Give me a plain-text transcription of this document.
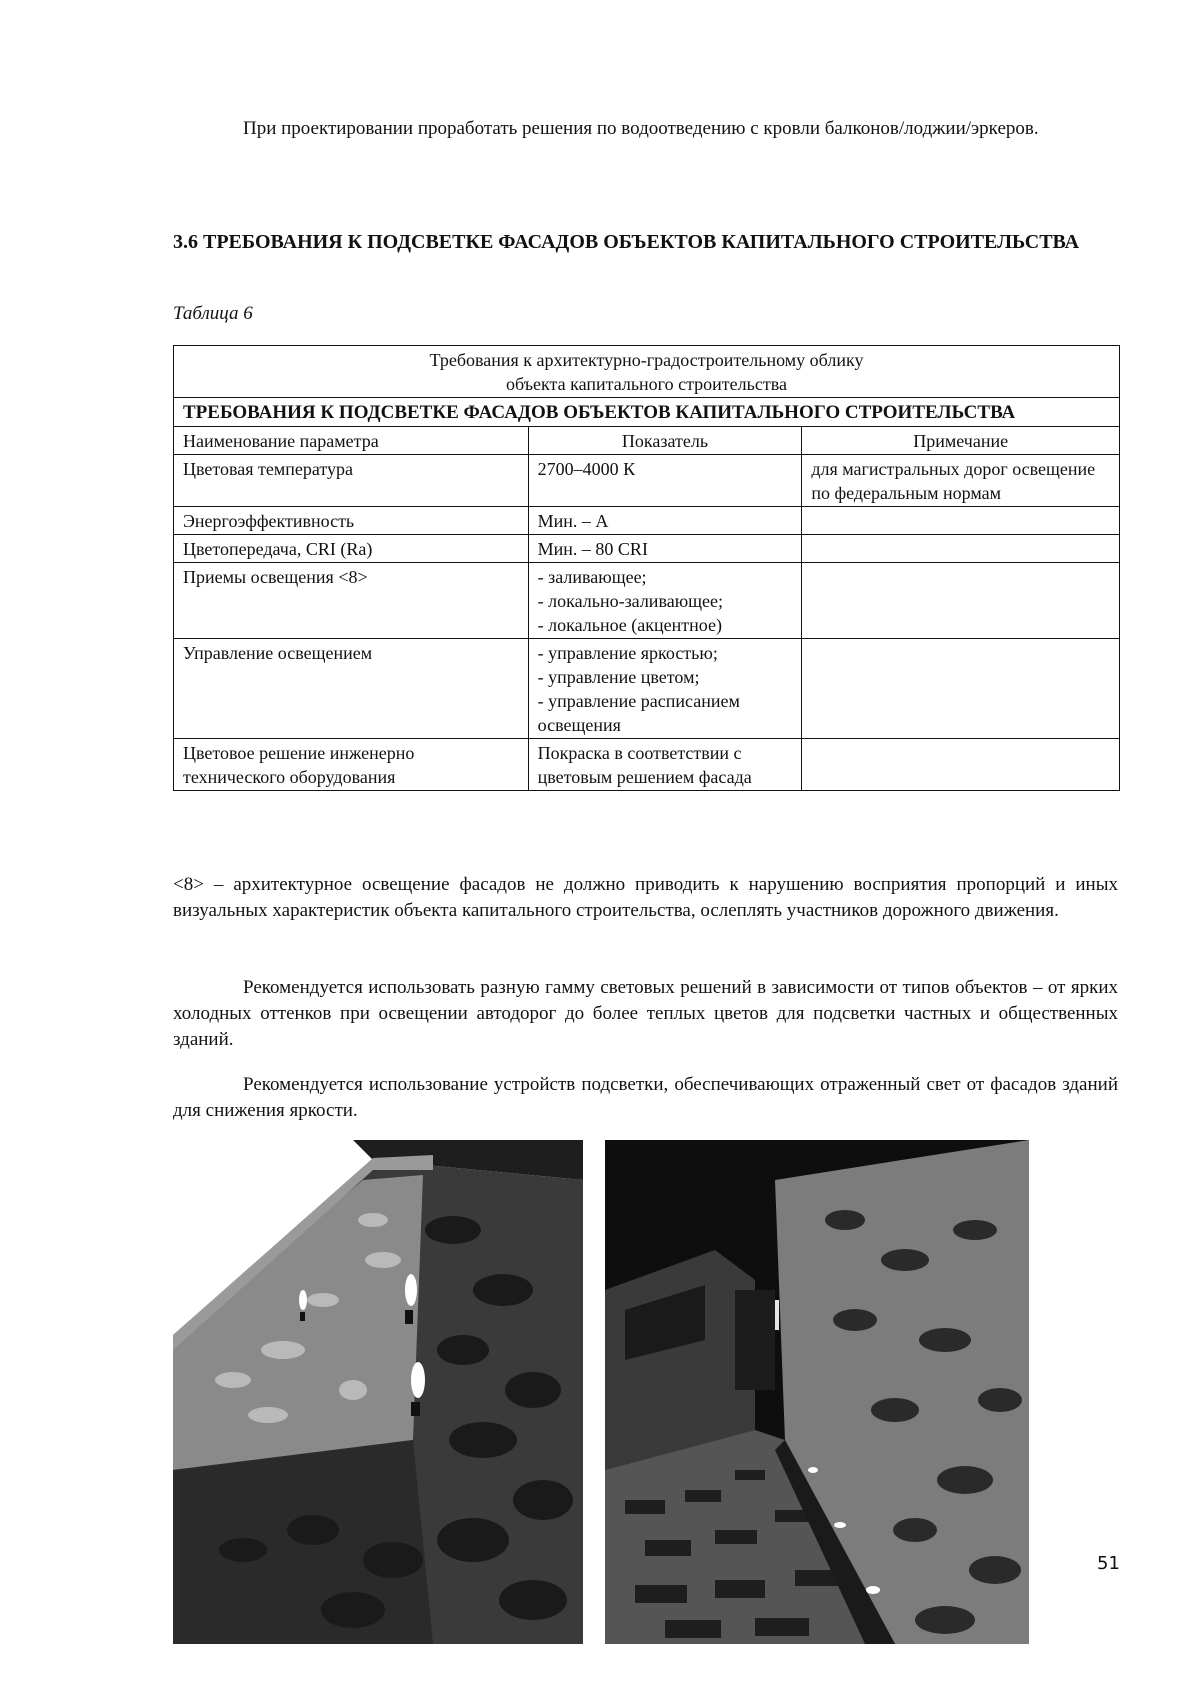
При проектировании проработать решения по водоотведению с кровли балконов/лоджии/эркеров.

3.6 ТРЕБОВАНИЯ К ПОДСВЕТКЕ ФАСАДОВ ОБЪЕКТОВ КАПИТАЛЬНОГО СТРОИТЕЛЬСТВА

Таблица 6

Требования к архитектурно-градостроительному облику
объекта капитального строительства		

ТРЕБОВАНИЯ К ПОДСВЕТКЕ ФАСАДОВ ОБЪЕКТОВ КАПИТАЛЬНОГО СТРОИТЕЛЬСТВА		
Наименование параметра	Показатель	Примечание
Цветовая температура	2700–4000 К	для магистральных дорог освещение по федеральным нормам
Энергоэффективность	Мин. – А	
Цветопередача, CRI (Ra)	Мин. – 80 CRI	
Приемы освещения <8>	- заливающее;
- локально-заливающее;
- локальное (акцентное)	
Управление освещением	- управление яркостью;
- управление цветом;
- управление расписанием освещения	
Цветовое решение инженерно технического оборудования	Покраска в соответствии с цветовым решением фасада	

<8> – архитектурное освещение фасадов не должно приводить к нарушению восприятия пропорций и иных визуальных характеристик объекта капитального строительства, ослеплять участников дорожного движения.

Рекомендуется использовать разную гамму световых решений в зависимости от типов объектов – от ярких холодных оттенков при освещении автодорог до более теплых цветов для подсветки частных и общественных зданий.

Рекомендуется использование устройств подсветки, обеспечивающих отраженный свет от фасадов зданий для снижения яркости.

51
